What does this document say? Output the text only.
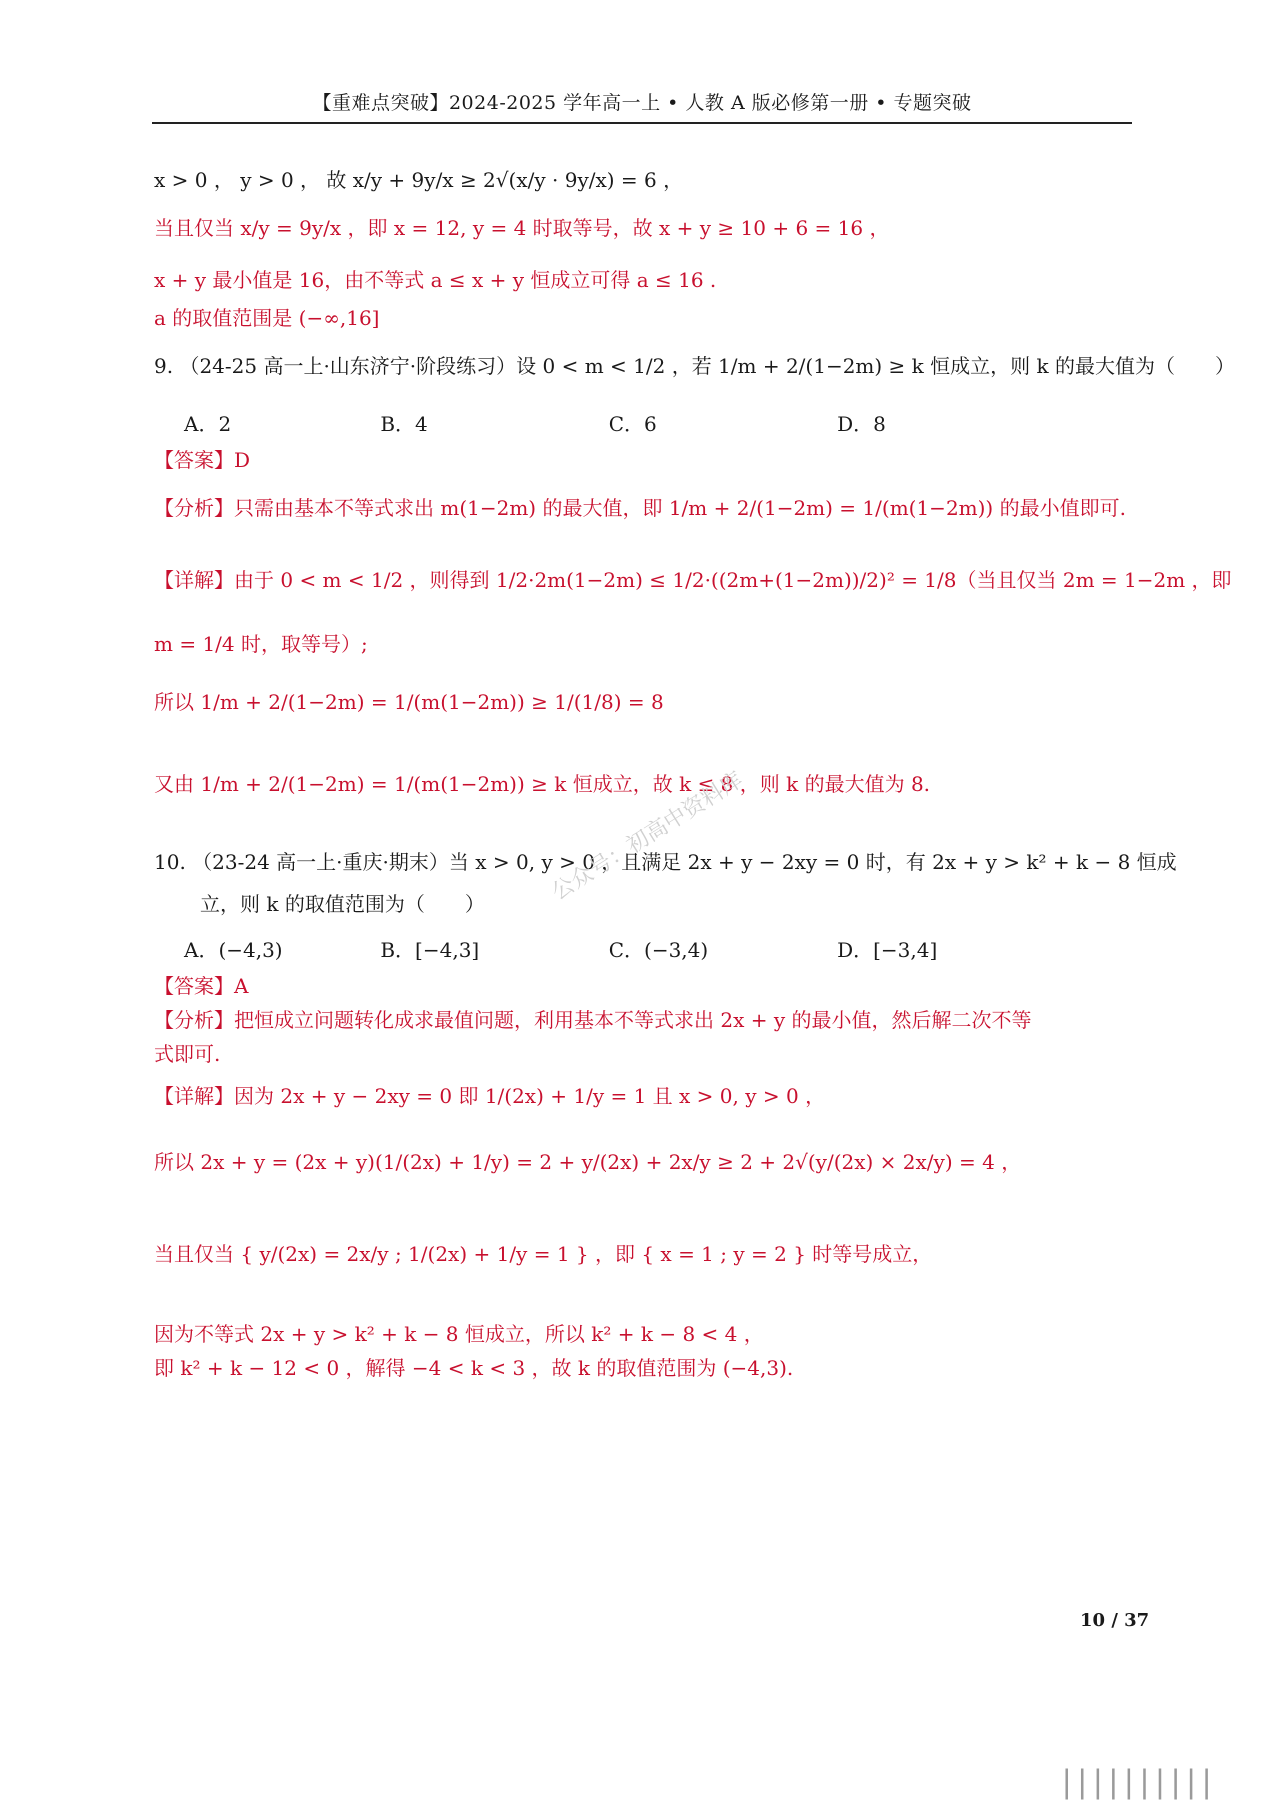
【重难点突破】2024-2025 学年高一上 • 人教 A 版必修第一册 • 专题突破
x > 0 ， y > 0 ， 故 x/y + 9y/x ≥ 2√(x/y · 9y/x) = 6 ，
当且仅当 x/y = 9y/x ，即 x = 12, y = 4 时取等号，故 x + y ≥ 10 + 6 = 16 ，
x + y 最小值是 16，由不等式 a ≤ x + y 恒成立可得 a ≤ 16 .
a 的取值范围是 (−∞,16]
9. （24-25 高一上·山东济宁·阶段练习）设 0 < m < 1/2 ，若 1/m + 2/(1−2m) ≥ k 恒成立，则 k 的最大值为（　　）
A．2	B．4	C．6	D．8
【答案】D
【分析】只需由基本不等式求出 m(1−2m) 的最大值，即 1/m + 2/(1−2m) = 1/(m(1−2m)) 的最小值即可.
【详解】由于 0 < m < 1/2 ，则得到 1/2·2m(1−2m) ≤ 1/2·((2m+(1−2m))/2)² = 1/8（当且仅当 2m = 1−2m ，即
m = 1/4 时，取等号）;
所以 1/m + 2/(1−2m) = 1/(m(1−2m)) ≥ 1/(1/8) = 8
又由 1/m + 2/(1−2m) = 1/(m(1−2m)) ≥ k 恒成立，故 k ≤ 8 ，则 k 的最大值为 8.
10. （23-24 高一上·重庆·期末）当 x > 0, y > 0 ，且满足 2x + y − 2xy = 0 时，有 2x + y > k² + k − 8 恒成
立，则 k 的取值范围为（　　）
A．(−4,3)	B．[−4,3]	C．(−3,4)	D．[−3,4]
【答案】A
【分析】把恒成立问题转化成求最值问题，利用基本不等式求出 2x + y 的最小值，然后解二次不等
式即可.
【详解】因为 2x + y − 2xy = 0 即 1/(2x) + 1/y = 1 且 x > 0, y > 0 ，
所以 2x + y = (2x + y)(1/(2x) + 1/y) = 2 + y/(2x) + 2x/y ≥ 2 + 2√(y/(2x) × 2x/y) = 4 ，
当且仅当 { y/(2x) = 2x/y ; 1/(2x) + 1/y = 1 } ，即 { x = 1 ; y = 2 } 时等号成立，
因为不等式 2x + y > k² + k − 8 恒成立，所以 k² + k − 8 < 4 ，
即 k² + k − 12 < 0 ，解得 −4 < k < 3 ，故 k 的取值范围为 (−4,3).
10 / 37
公众号：初高中资料库
⎮⎮⎮⎮⎮⎮⎮⎮⎮⎮
